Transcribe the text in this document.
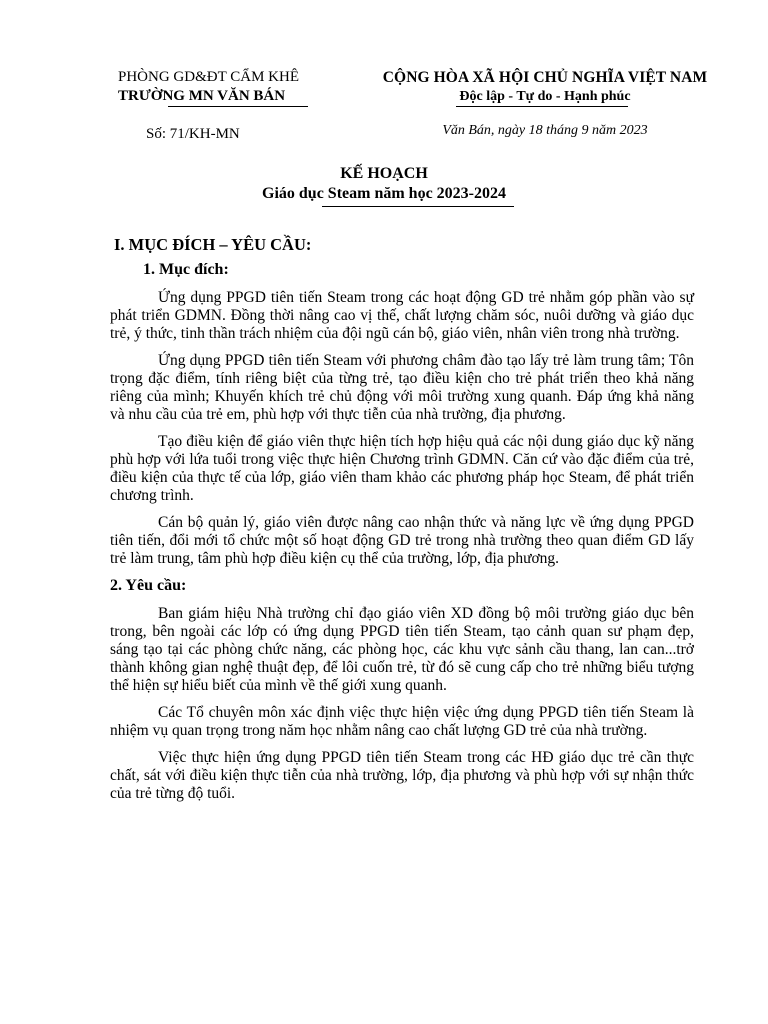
PHÒNG GD&ĐT CẨM KHÊ
TRƯỜNG MN VĂN BÁN
Số: 71/KH-MN
CỘNG HÒA XÃ HỘI CHỦ NGHĨA VIỆT NAM
Độc lập - Tự do - Hạnh phúc
Văn Bán, ngày 18 tháng 9 năm 2023
KẾ HOẠCH
Giáo dục Steam năm học 2023-2024
I. MỤC ĐÍCH – YÊU CẦU:
1. Mục đích:

Ứng dụng PPGD tiên tiến Steam trong các hoạt động GD trẻ nhằm góp phần vào sự phát triển GDMN. Đồng thời nâng cao vị thế, chất lượng chăm sóc, nuôi dưỡng và giáo dục trẻ, ý thức, tinh thần trách nhiệm của đội ngũ cán bộ, giáo viên, nhân viên trong nhà trường.

Ứng dụng PPGD tiên tiến Steam với phương châm đào tạo lấy trẻ làm trung tâm; Tôn trọng đặc điểm, tính riêng biệt của từng trẻ, tạo điều kiện cho trẻ phát triển theo khả năng riêng của mình; Khuyến khích trẻ chủ động với môi trường xung quanh. Đáp ứng khả năng và nhu cầu của trẻ em, phù hợp với thực tiễn của nhà trường, địa phương.

Tạo điều kiện để giáo viên thực hiện tích hợp hiệu quả các nội dung giáo dục kỹ năng phù hợp với lứa tuổi trong việc thực hiện Chương trình GDMN. Căn cứ vào đặc điểm của trẻ, điều kiện của thực tế của lớp, giáo viên tham khảo các phương pháp học Steam, để phát triển chương trình.

Cán bộ quản lý, giáo viên được nâng cao nhận thức và năng lực về ứng dụng PPGD tiên tiến, đổi mới tổ chức một số hoạt động GD trẻ trong nhà trường theo quan điểm GD lấy trẻ làm trung, tâm phù hợp điều kiện cụ thể của trường, lớp, địa phương.

2. Yêu cầu:

Ban giám hiệu Nhà trường chỉ đạo giáo viên XD đồng bộ môi trường giáo dục bên trong, bên ngoài các lớp có ứng dụng PPGD tiên tiến Steam, tạo cảnh quan sư phạm đẹp, sáng tạo tại các phòng chức năng, các phòng học, các khu vực sảnh cầu thang, lan can...trở thành không gian nghệ thuật đẹp, để lôi cuốn trẻ, từ đó sẽ cung cấp cho trẻ những biểu tượng thể hiện sự hiểu biết của mình về thế giới xung quanh.

Các Tổ chuyên môn xác định việc thực hiện việc ứng dụng PPGD tiên tiến Steam là nhiệm vụ quan trọng trong năm học nhằm nâng cao chất lượng GD trẻ của nhà trường.

Việc thực hiện ứng dụng PPGD tiên tiến Steam trong các HĐ giáo dục trẻ cần thực chất, sát với điều kiện thực tiễn của nhà trường, lớp, địa phương và phù hợp với sự nhận thức của trẻ từng độ tuổi.
